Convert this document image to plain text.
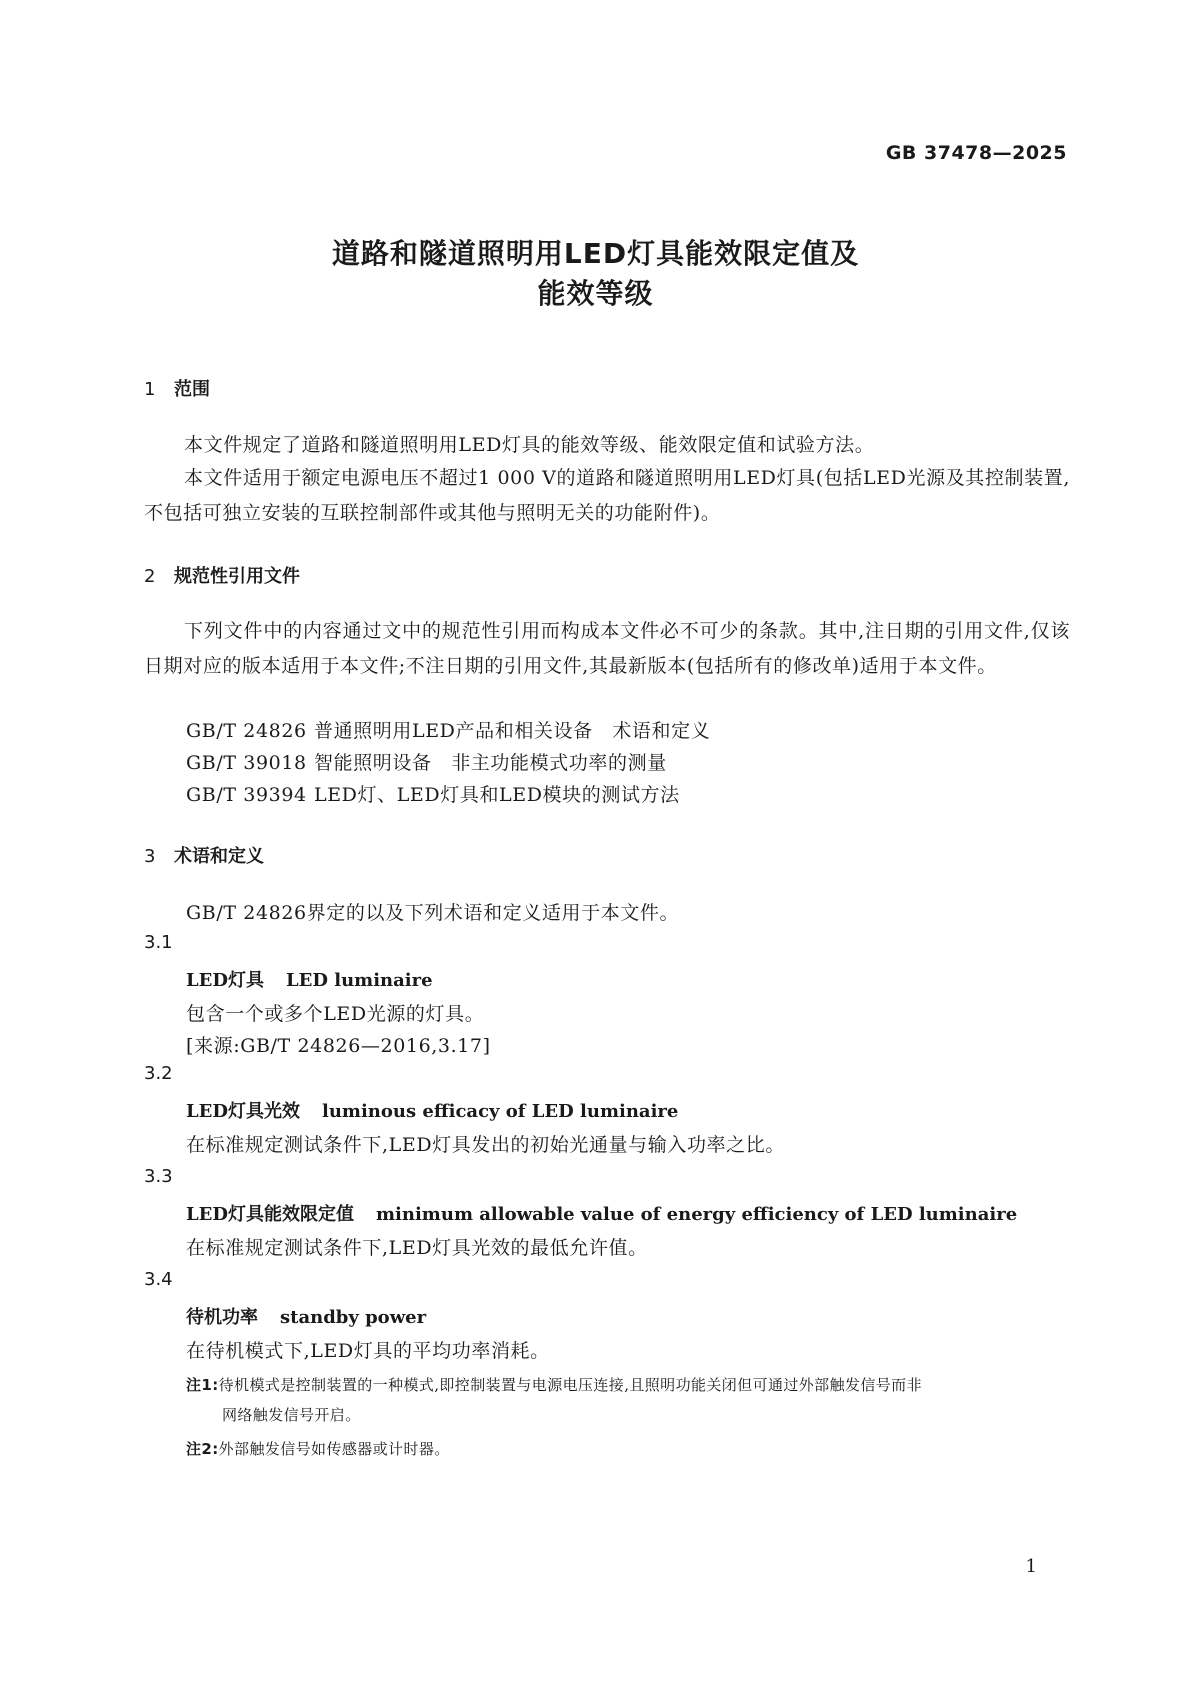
GB 37478—2025
道路和隧道照明用LED灯具能效限定值及
能效等级
1 范围
本文件规定了道路和隧道照明用LED灯具的能效等级、能效限定值和试验方法。
本文件适用于额定电源电压不超过1 000 V的道路和隧道照明用LED灯具(包括LED光源及其控制装置,不包括可独立安装的互联控制部件或其他与照明无关的功能附件)。
2 规范性引用文件
下列文件中的内容通过文中的规范性引用而构成本文件必不可少的条款。其中,注日期的引用文件,仅该日期对应的版本适用于本文件;不注日期的引用文件,其最新版本(包括所有的修改单)适用于本文件。
GB/T 24826 普通照明用LED产品和相关设备　术语和定义
GB/T 39018 智能照明设备　非主功能模式功率的测量
GB/T 39394 LED灯、LED灯具和LED模块的测试方法
3 术语和定义
GB/T 24826界定的以及下列术语和定义适用于本文件。
3.1
LED灯具 LED luminaire
包含一个或多个LED光源的灯具。
[来源:GB/T 24826—2016,3.17]
3.2
LED灯具光效 luminous efficacy of LED luminaire
在标准规定测试条件下,LED灯具发出的初始光通量与输入功率之比。
3.3
LED灯具能效限定值 minimum allowable value of energy efficiency of LED luminaire
在标准规定测试条件下,LED灯具光效的最低允许值。
3.4
待机功率 standby power
在待机模式下,LED灯具的平均功率消耗。
注1:待机模式是控制装置的一种模式,即控制装置与电源电压连接,且照明功能关闭但可通过外部触发信号而非
网络触发信号开启。
注2:外部触发信号如传感器或计时器。
1
